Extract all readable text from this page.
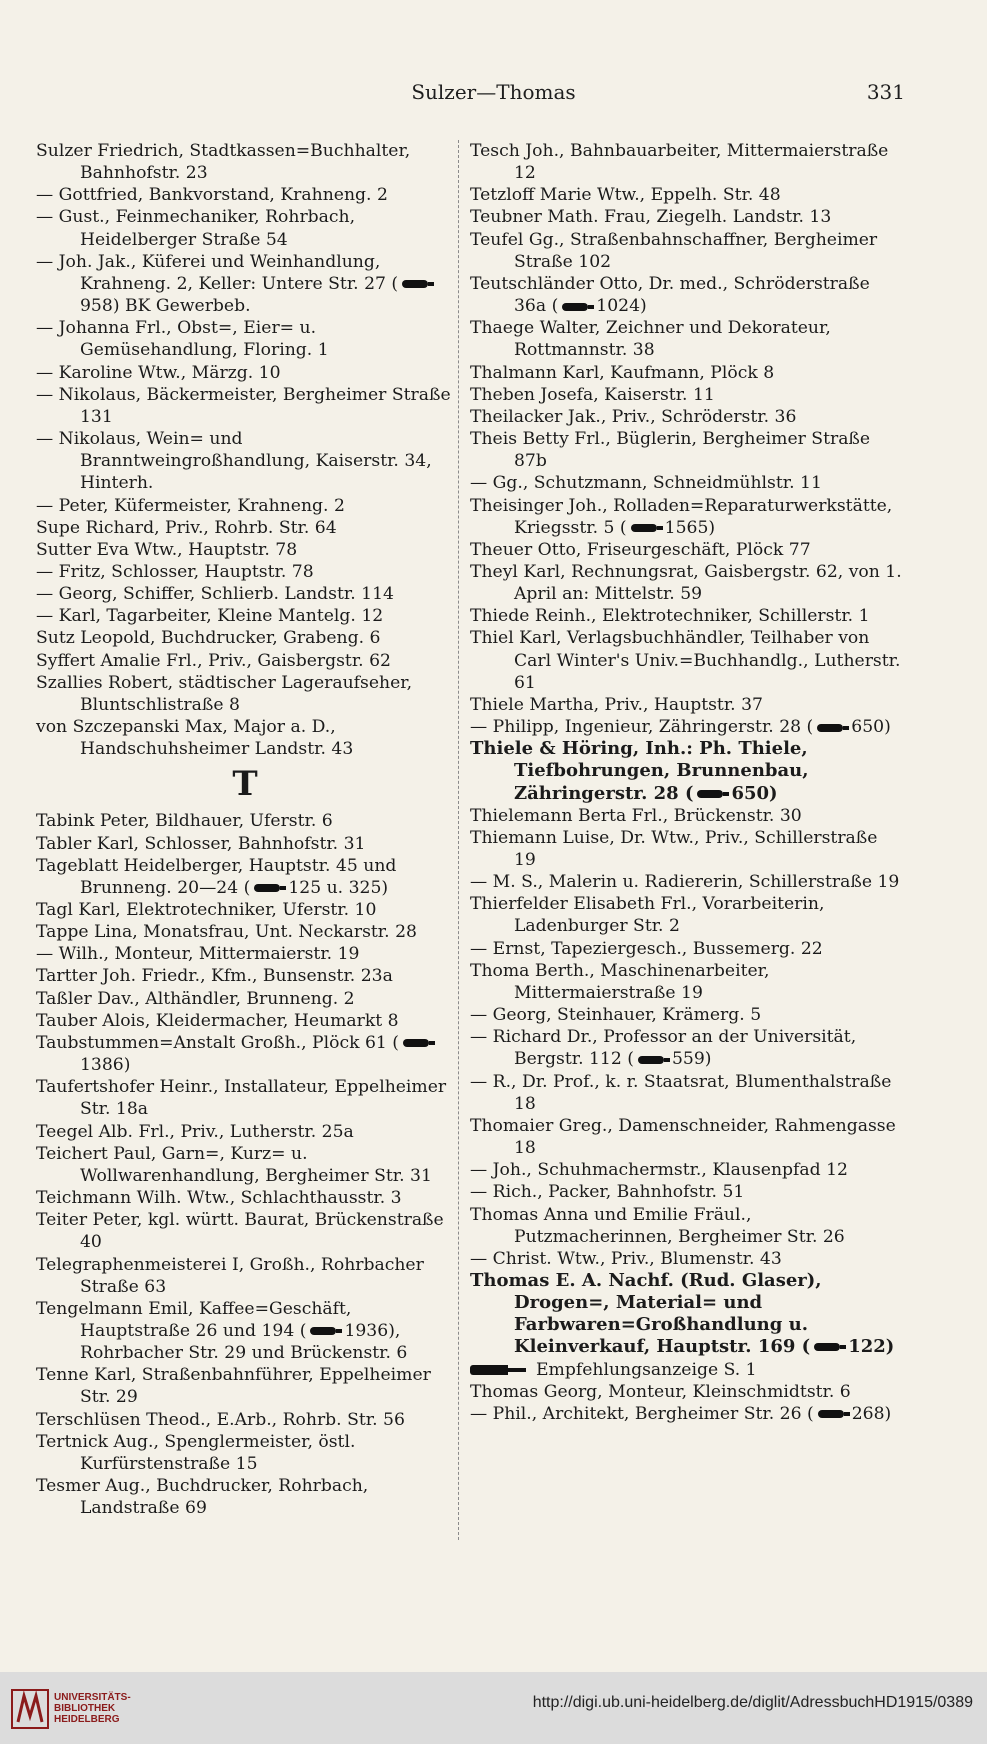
Sulzer—Thomas	331

Sulzer Friedrich, Stadtkassen=Buchhalter, Bahnhofstr. 23

— Gottfried, Bankvorstand, Krahneng. 2

— Gust., Feinmechaniker, Rohrbach, Heidelberger Straße 54

— Joh. Jak., Küferei und Weinhandlung, Krahneng. 2, Keller: Untere Str. 27 (958) BK Gewerbeb.

— Johanna Frl., Obst=, Eier= u. Gemüsehandlung, Floring. 1

— Karoline Wtw., Märzg. 10

— Nikolaus, Bäckermeister, Bergheimer Straße 131

— Nikolaus, Wein= und Branntweingroßhandlung, Kaiserstr. 34, Hinterh.

— Peter, Küfermeister, Krahneng. 2

Supe Richard, Priv., Rohrb. Str. 64

Sutter Eva Wtw., Hauptstr. 78

— Fritz, Schlosser, Hauptstr. 78

— Georg, Schiffer, Schlierb. Landstr. 114

— Karl, Tagarbeiter, Kleine Mantelg. 12

Sutz Leopold, Buchdrucker, Grabeng. 6

Syffert Amalie Frl., Priv., Gaisbergstr. 62

Szallies Robert, städtischer Lageraufseher, Bluntschlistraße 8

von Szczepanski Max, Major a. D., Handschuhsheimer Landstr. 43

T

Tabink Peter, Bildhauer, Uferstr. 6

Tabler Karl, Schlosser, Bahnhofstr. 31

Tageblatt Heidelberger, Hauptstr. 45 und Brunneng. 20—24 ( 125 u. 325)

Tagl Karl, Elektrotechniker, Uferstr. 10

Tappe Lina, Monatsfrau, Unt. Neckarstr. 28

— Wilh., Monteur, Mittermaierstr. 19

Tartter Joh. Friedr., Kfm., Bunsenstr. 23a

Taßler Dav., Althändler, Brunneng. 2

Tauber Alois, Kleidermacher, Heumarkt 8

Taubstummen=Anstalt Großh., Plöck 61 (1386)

Taufertshofer Heinr., Installateur, Eppelheimer Str. 18a

Teegel Alb. Frl., Priv., Lutherstr. 25a

Teichert Paul, Garn=, Kurz= u. Wollwarenhandlung, Bergheimer Str. 31

Teichmann Wilh. Wtw., Schlachthausstr. 3

Teiter Peter, kgl. württ. Baurat, Brückenstraße 40

Telegraphenmeisterei I, Großh., Rohrbacher Straße 63

Tengelmann Emil, Kaffee=Geschäft, Hauptstraße 26 und 194 ( 1936), Rohrbacher Str. 29 und Brückenstr. 6

Tenne Karl, Straßenbahnführer, Eppelheimer Str. 29

Terschlüsen Theod., E.Arb., Rohrb. Str. 56

Tertnick Aug., Spenglermeister, östl. Kurfürstenstraße 15

Tesmer Aug., Buchdrucker, Rohrbach, Landstraße 69

Tesch Joh., Bahnbauarbeiter, Mittermaierstraße 12

Tetzloff Marie Wtw., Eppelh. Str. 48

Teubner Math. Frau, Ziegelh. Landstr. 13

Teufel Gg., Straßenbahnschaffner, Bergheimer Straße 102

Teutschländer Otto, Dr. med., Schröderstraße 36a ( 1024)

Thaege Walter, Zeichner und Dekorateur, Rottmannstr. 38

Thalmann Karl, Kaufmann, Plöck 8

Theben Josefa, Kaiserstr. 11

Theilacker Jak., Priv., Schröderstr. 36

Theis Betty Frl., Büglerin, Bergheimer Straße 87b

— Gg., Schutzmann, Schneidmühlstr. 11

Theisinger Joh., Rolladen=Reparaturwerkstätte, Kriegsstr. 5 ( 1565)

Theuer Otto, Friseurgeschäft, Plöck 77

Theyl Karl, Rechnungsrat, Gaisbergstr. 62, von 1. April an: Mittelstr. 59

Thiede Reinh., Elektrotechniker, Schillerstr. 1

Thiel Karl, Verlagsbuchhändler, Teilhaber von Carl Winter's Univ.=Buchhandlg., Lutherstr. 61

Thiele Martha, Priv., Hauptstr. 37

— Philipp, Ingenieur, Zähringerstr. 28 ( 650)

Thiele & Höring, Inh.: Ph. Thiele, Tiefbohrungen, Brunnenbau, Zähringerstr. 28 ( 650)

Thielemann Berta Frl., Brückenstr. 30

Thiemann Luise, Dr. Wtw., Priv., Schillerstraße 19

— M. S., Malerin u. Radiererin, Schillerstraße 19

Thierfelder Elisabeth Frl., Vorarbeiterin, Ladenburger Str. 2

— Ernst, Tapeziergesch., Bussemerg. 22

Thoma Berth., Maschinenarbeiter, Mittermaierstraße 19

— Georg, Steinhauer, Krämerg. 5

— Richard Dr., Professor an der Universität, Bergstr. 112 ( 559)

— R., Dr. Prof., k. r. Staatsrat, Blumenthalstraße 18

Thomaier Greg., Damenschneider, Rahmengasse 18

— Joh., Schuhmachermstr., Klausenpfad 12

— Rich., Packer, Bahnhofstr. 51

Thomas Anna und Emilie Fräul., Putzmacherinnen, Bergheimer Str. 26

— Christ. Wtw., Priv., Blumenstr. 43

Thomas E. A. Nachf. (Rud. Glaser), Drogen=, Material= und Farbwaren=Großhandlung u. Kleinverkauf, Hauptstr. 169 ( 122)

Empfehlungsanzeige S. 1

Thomas Georg, Monteur, Kleinschmidtstr. 6

— Phil., Architekt, Bergheimer Str. 26 ( 268)

UNIVERSITÄTS-
BIBLIOTHEK
HEIDELBERG
http://digi.ub.uni-heidelberg.de/diglit/AdressbuchHD1915/0389
